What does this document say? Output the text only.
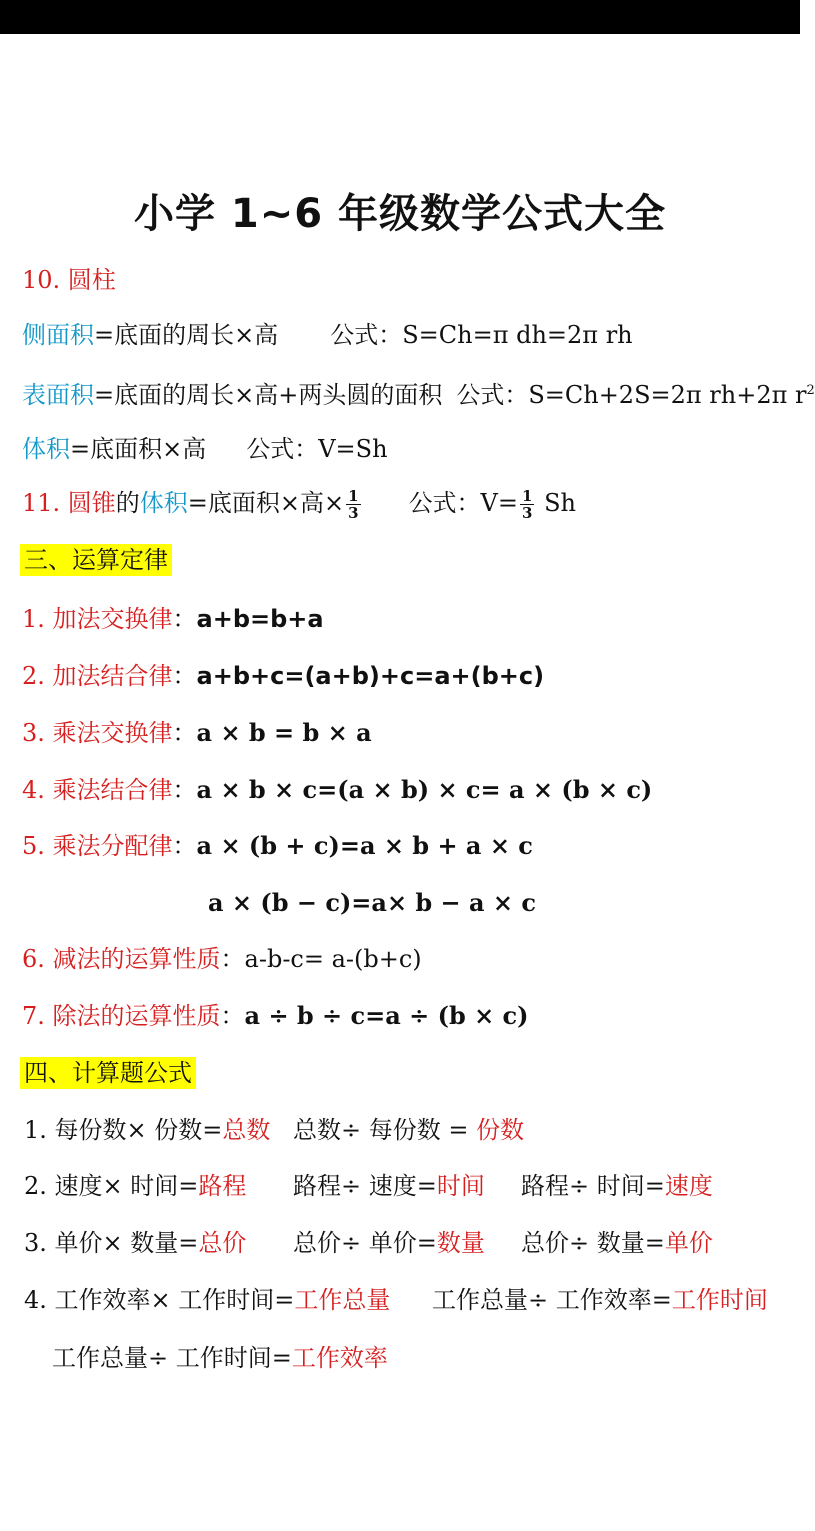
小学 1~6 年级数学公式大全
10. 圆柱
侧面积=底面的周长×高 公式：S=Ch=π dh=2π rh
表面积=底面的周长×高+两头圆的面积 公式：S=Ch+2S=2π rh+2π $r^2$
体积=底面积×高 公式：V=Sh
11. 圆锥的体积=底面积×高× $\frac{1}{3}$ 公式：$V= \frac{1}{3}$ Sh
三、运算定律
1. 加法交换律：a+b=b+a
2. 加法结合律：a+b+c=(a+b)+c=a+(b+c)
3. 乘法交换律：a × b = b × a
4. 乘法结合律：a × b × c=(a × b) × c= a × (b × c)
5. 乘法分配律：a × (b + c)=a × b + a × c
a × (b − c)=a× b − a × c
6. 减法的运算性质：a-b-c= a-(b+c)
7. 除法的运算性质：a ÷ b ÷ c=a ÷ (b × c)
四、计算题公式
1. 每份数× 份数=总数 总数÷ 每份数 = 份数
2. 速度× 时间=路程 路程÷ 速度=时间 路程÷ 时间=速度
3. 单价× 数量=总价 总价÷ 单价=数量 总价÷ 数量=单价
4. 工作效率× 工作时间=工作总量 工作总量÷ 工作效率=工作时间
工作总量÷ 工作时间=工作效率
